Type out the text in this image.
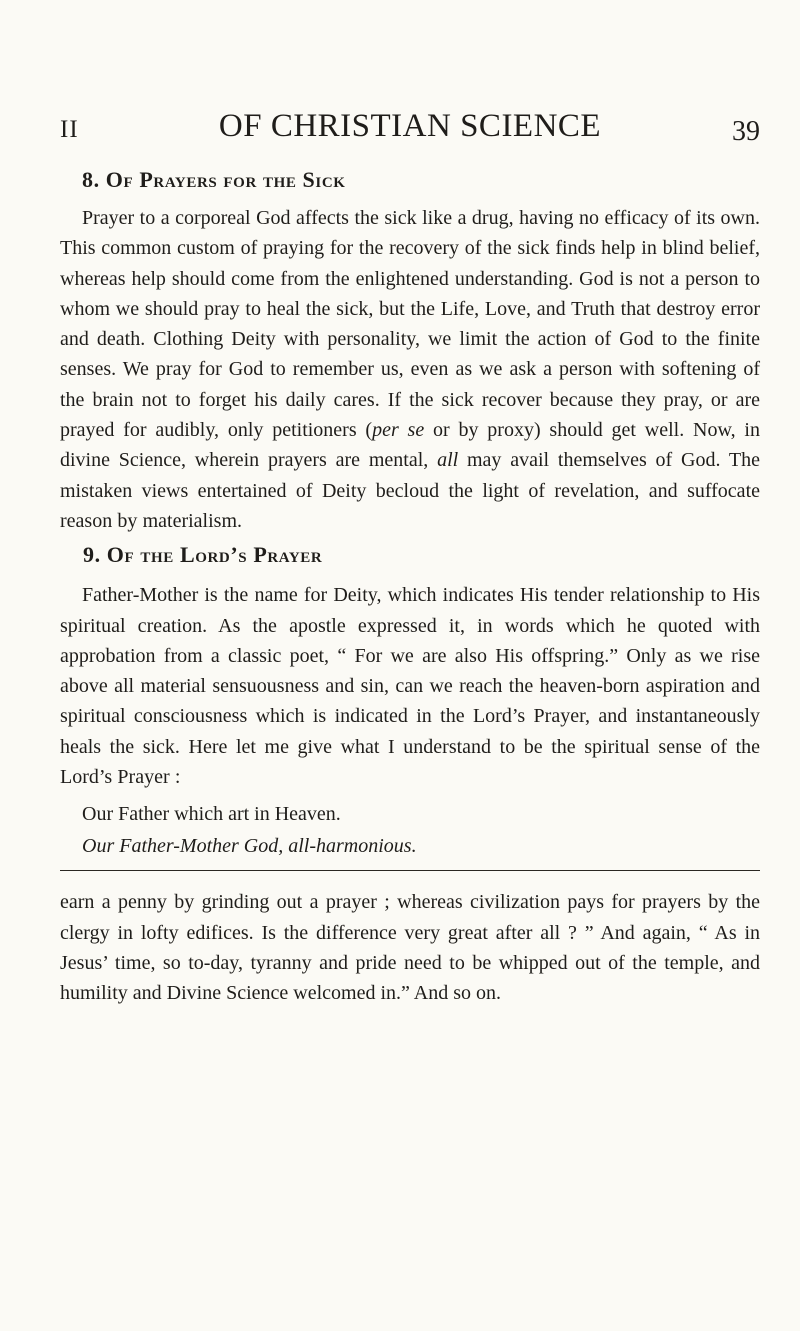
II	OF CHRISTIAN SCIENCE	39
8. Of Prayers for the Sick

Prayer to a corporeal God affects the sick like a drug, having no efficacy of its own. This common custom of praying for the recovery of the sick finds help in blind belief, whereas help should come from the enlightened understanding. God is not a person to whom we should pray to heal the sick, but the Life, Love, and Truth that destroy error and death. Clothing Deity with personality, we limit the action of God to the finite senses. We pray for God to remember us, even as we ask a person with softening of the brain not to forget his daily cares. If the sick recover because they pray, or are prayed for audibly, only petitioners (per se or by proxy) should get well. Now, in divine Science, wherein prayers are mental, all may avail themselves of God. The mistaken views entertained of Deity becloud the light of revelation, and suffocate reason by materialism.

9. Of the Lord’s Prayer

Father-Mother is the name for Deity, which indicates His tender relationship to His spiritual creation. As the apostle expressed it, in words which he quoted with approbation from a classic poet, “ For we are also His offspring.” Only as we rise above all material sensuousness and sin, can we reach the heaven-born aspiration and spiritual consciousness which is indicated in the Lord’s Prayer, and instantaneously heals the sick. Here let me give what I understand to be the spiritual sense of the Lord’s Prayer :

Our Father which art in Heaven.

Our Father-Mother God, all-harmonious.

earn a penny by grinding out a prayer ; whereas civilization pays for prayers by the clergy in lofty edifices. Is the difference very great after all ? ” And again, “ As in Jesus’ time, so to-day, tyranny and pride need to be whipped out of the temple, and humility and Divine Science welcomed in.” And so on.
